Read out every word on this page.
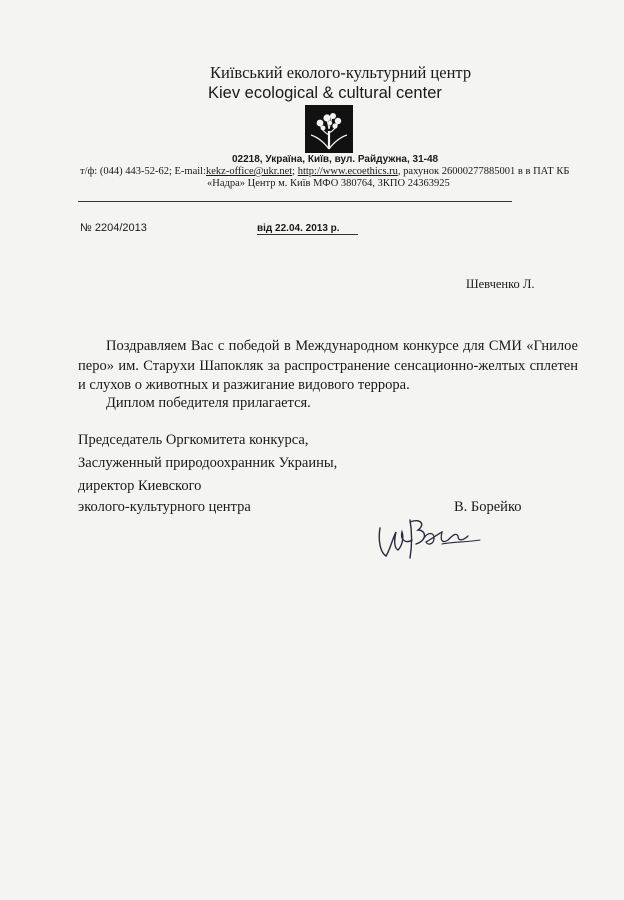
Київський еколого-культурний центр
Kiev ecological & cultural center
02218, Україна, Київ, вул. Райдужна, 31-48
т/ф: (044) 443-52-62; E-mail:kekz-office@ukr.net; http://www.ecoethics.ru, рахунок 26000277885001 в в ПАТ КБ
«Надра» Центр м. Київ МФО 380764, ЗКПО 24363925
№ 2204/2013	від 22.04. 2013 р.
Шевченко Л.
Поздравляем Вас с победой в Международном конкурсе для СМИ «Гнилое перо» им. Старухи Шапокляк за распространение сенсационно-желтых сплетен и слухов о животных и разжигание видового террора.
Диплом победителя прилагается.
Председатель Оргкомитета конкурса,
Заслуженный природоохранник Украины,
директор Киевского
эколого-культурного центра	В. Борейко
